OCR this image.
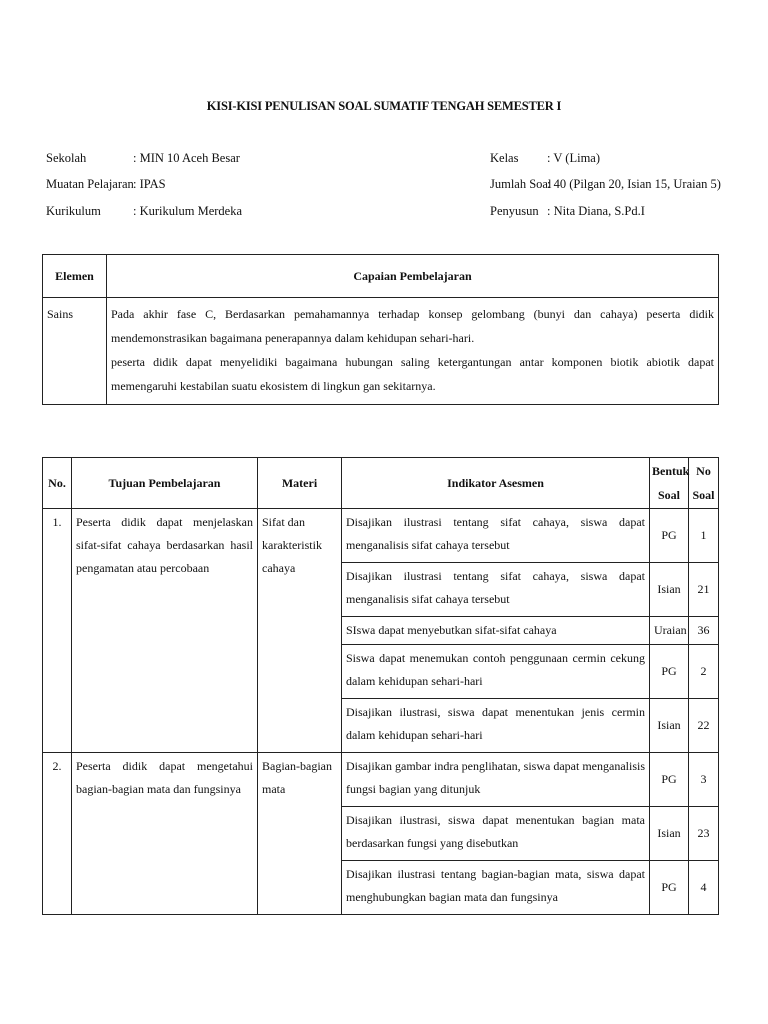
KISI-KISI PENULISAN SOAL SUMATIF TENGAH SEMESTER I
Sekolah	: MIN 10 Aceh Besar
Muatan Pelajaran: IPAS
Kurikulum	: Kurikulum Merdeka
Kelas : V (Lima)
Jumlah Soal: 40 (Pilgan 20, Isian 15, Uraian 5)
Penyusun : Nita Diana, S.Pd.I
Elemen	Capaian Pembelajaran
Sains	Pada akhir fase C, Berdasarkan pemahamannya terhadap konsep gelombang (bunyi dan cahaya) peserta didik mendemonstrasikan bagaimana penerapannya dalam kehidupan sehari-hari.
peserta didik dapat menyelidiki bagaimana hubungan saling ketergantungan antar komponen biotik abiotik dapat memengaruhi kestabilan suatu ekosistem di lingkun gan sekitarnya.
No.	Tujuan Pembelajaran	Materi	Indikator Asesmen	Bentuk Soal	No Soal
1.	Peserta didik dapat menjelaskan sifat-sifat cahaya berdasarkan hasil pengamatan atau percobaan	Sifat dan karakteristik cahaya	Disajikan ilustrasi tentang sifat cahaya, siswa dapat menganalisis sifat cahaya tersebut	PG	1
			Disajikan ilustrasi tentang sifat cahaya, siswa dapat menganalisis sifat cahaya tersebut	Isian	21
			SIswa dapat menyebutkan sifat-sifat cahaya	Uraian	36
			Siswa dapat menemukan contoh penggunaan cermin cekung dalam kehidupan sehari-hari	PG	2
			Disajikan ilustrasi, siswa dapat menentukan jenis cermin dalam kehidupan sehari-hari	Isian	22
2.	Peserta didik dapat mengetahui bagian-bagian mata dan fungsinya	Bagian-bagian mata	Disajikan gambar indra penglihatan, siswa dapat menganalisis fungsi bagian yang ditunjuk	PG	3
			Disajikan ilustrasi, siswa dapat menentukan bagian mata berdasarkan fungsi yang disebutkan	Isian	23
			Disajikan ilustrasi tentang bagian-bagian mata, siswa dapat menghubungkan bagian mata dan fungsinya	PG	4
